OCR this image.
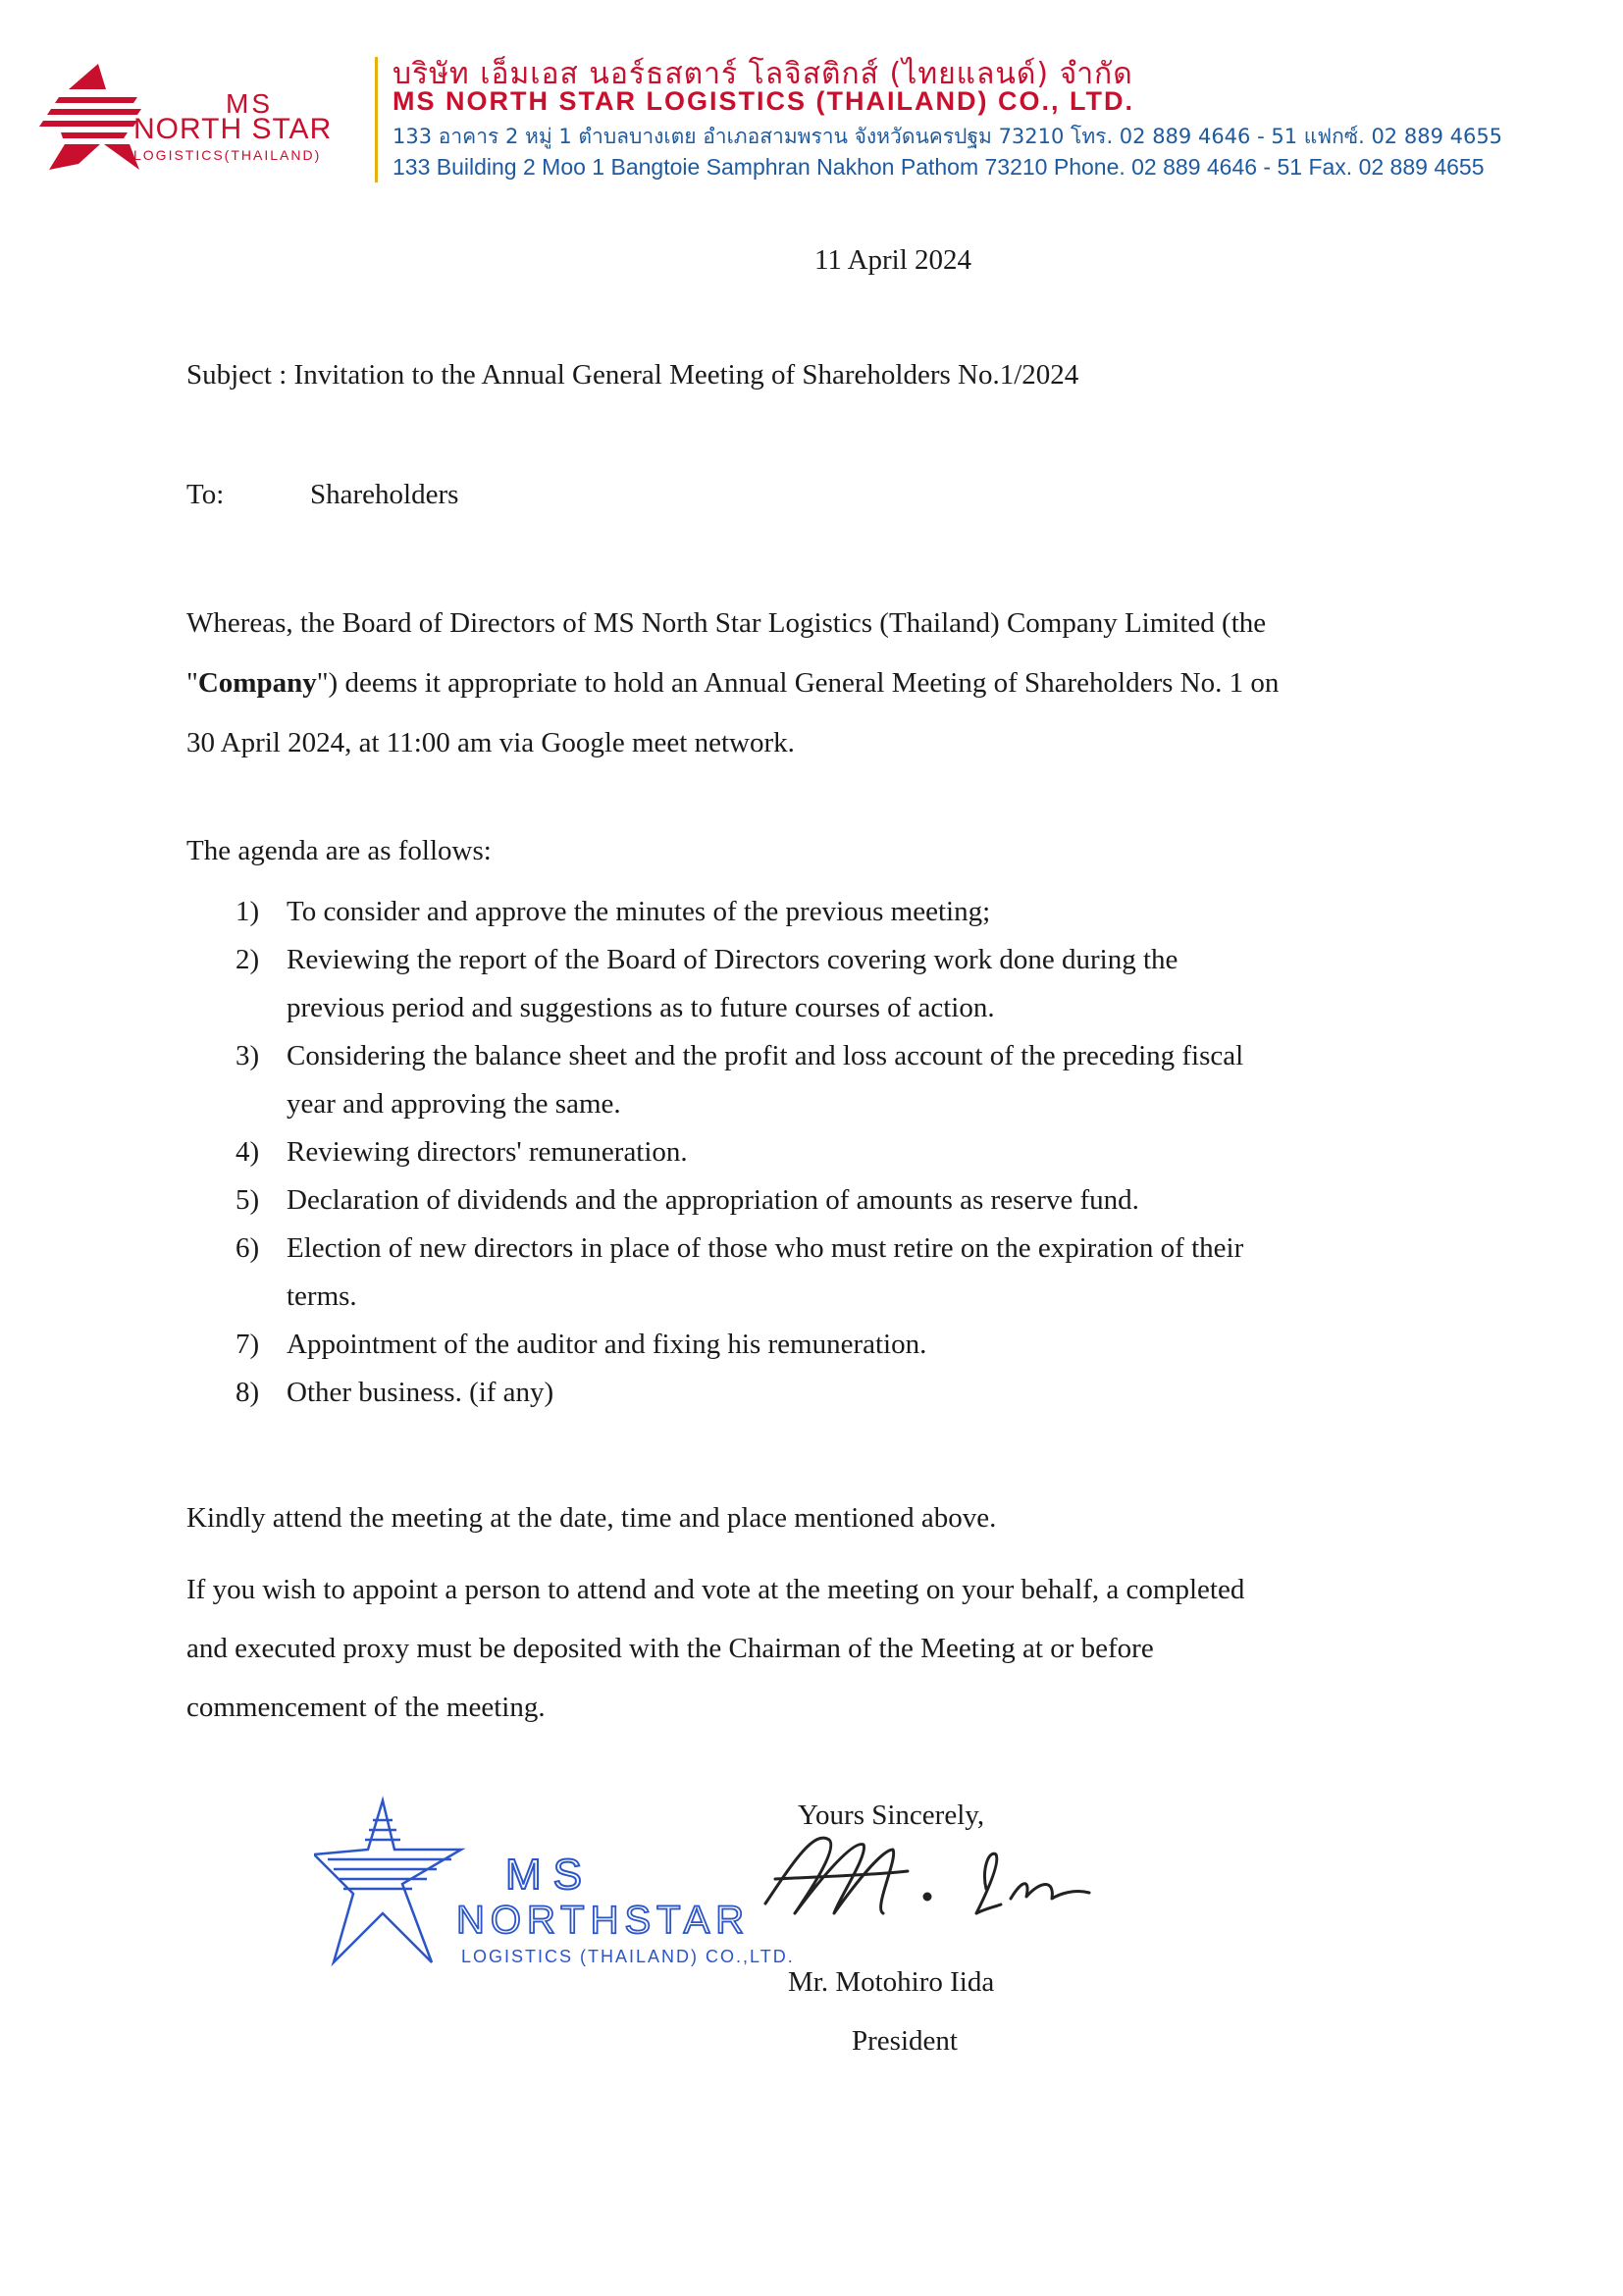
MS
NORTH STAR
LOGISTICS(THAILAND)
บริษัท เอ็มเอส นอร์ธสตาร์ โลจิสติกส์ (ไทยแลนด์) จำกัด
MS NORTH STAR LOGISTICS (THAILAND) CO., LTD.
133 อาคาร 2 หมู่ 1 ตำบลบางเตย อำเภอสามพราน จังหวัดนครปฐม 73210 โทร. 02 889 4646 - 51 แฟกซ์. 02 889 4655
133 Building 2 Moo 1 Bangtoie Samphran Nakhon Pathom 73210 Phone. 02 889 4646 - 51 Fax. 02 889 4655
11 April 2024
Subject : Invitation to the Annual General Meeting of Shareholders No.1/2024
To:	Shareholders
Whereas, the Board of Directors of MS North Star Logistics (Thailand) Company Limited (the
"Company") deems it appropriate to hold an Annual General Meeting of Shareholders No. 1 on
30 April 2024, at 11:00 am via Google meet network.
The agenda are as follows:
1) To consider and approve the minutes of the previous meeting;
2) Reviewing the report of the Board of Directors covering work done during the
previous period and suggestions as to future courses of action.
3) Considering the balance sheet and the profit and loss account of the preceding fiscal
year and approving the same.
4) Reviewing directors' remuneration.
5) Declaration of dividends and the appropriation of amounts as reserve fund.
6) Election of new directors in place of those who must retire on the expiration of their
terms.
7) Appointment of the auditor and fixing his remuneration.
8) Other business. (if any)
Kindly attend the meeting at the date, time and place mentioned above.
If you wish to appoint a person to attend and vote at the meeting on your behalf, a completed
and executed proxy must be deposited with the Chairman of the Meeting at or before
commencement of the meeting.
MS
NORTHSTAR
LOGISTICS (THAILAND) CO.,LTD.
Yours Sincerely,
Mr. Motohiro Iida
President
